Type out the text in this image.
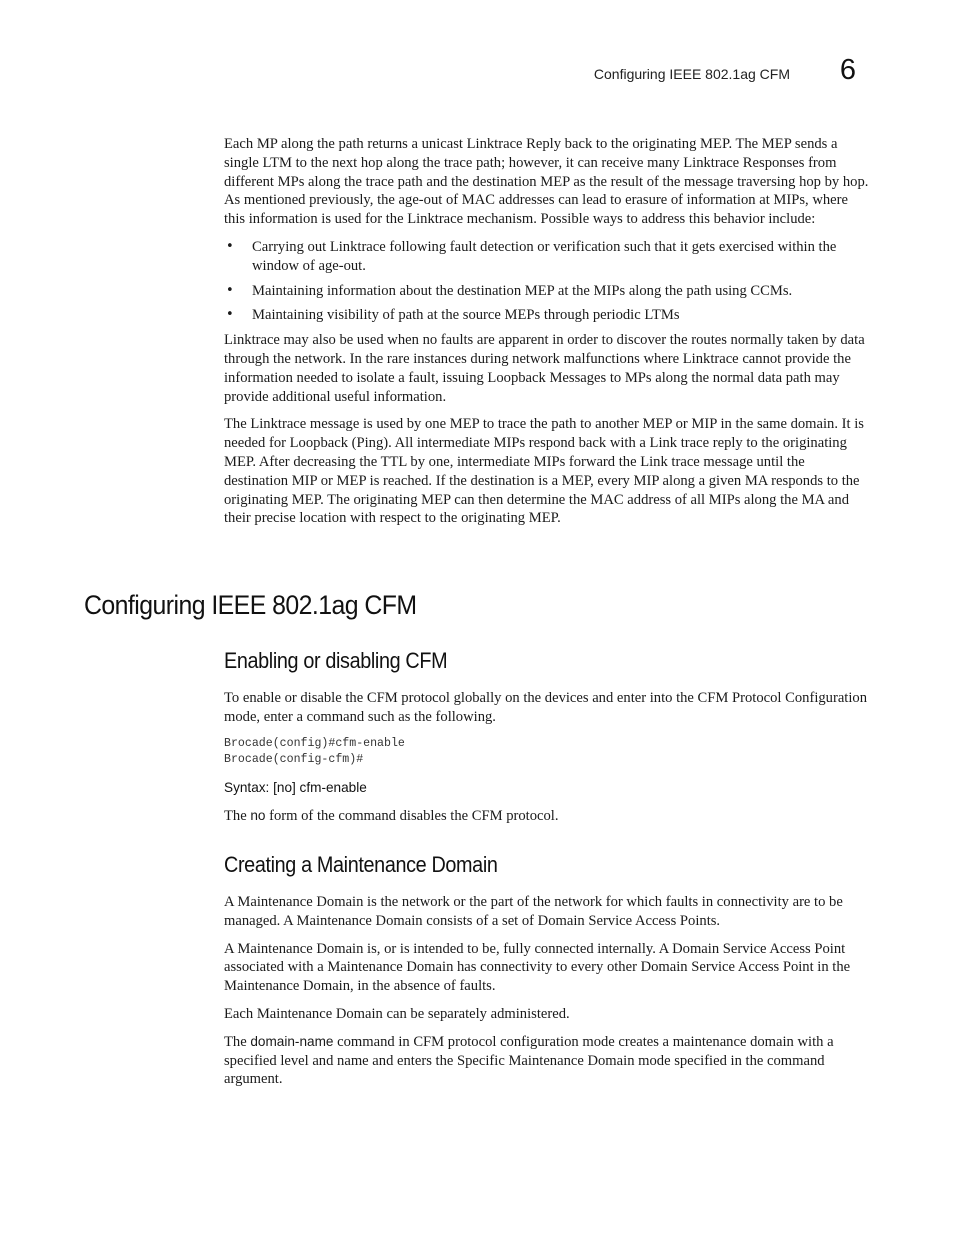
Configuring IEEE 802.1ag CFM 6

Each MP along the path returns a unicast Linktrace Reply back to the originating MEP. The MEP sends a single LTM to the next hop along the trace path; however, it can receive many Linktrace Responses from different MPs along the trace path and the destination MEP as the result of the message traversing hop by hop. As mentioned previously, the age-out of MAC addresses can lead to erasure of information at MIPs, where this information is used for the Linktrace mechanism. Possible ways to address this behavior include:

• Carrying out Linktrace following fault detection or verification such that it gets exercised within the window of age-out.
• Maintaining information about the destination MEP at the MIPs along the path using CCMs.
• Maintaining visibility of path at the source MEPs through periodic LTMs

Linktrace may also be used when no faults are apparent in order to discover the routes normally taken by data through the network. In the rare instances during network malfunctions where Linktrace cannot provide the information needed to isolate a fault, issuing Loopback Messages to MPs along the normal data path may provide additional useful information.

The Linktrace message is used by one MEP to trace the path to another MEP or MIP in the same domain. It is needed for Loopback (Ping). All intermediate MIPs respond back with a Link trace reply to the originating MEP. After decreasing the TTL by one, intermediate MIPs forward the Link trace message until the destination MIP or MEP is reached. If the destination is a MEP, every MIP along a given MA responds to the originating MEP. The originating MEP can then determine the MAC address of all MIPs along the MA and their precise location with respect to the originating MEP.

Configuring IEEE 802.1ag CFM
Enabling or disabling CFM

To enable or disable the CFM protocol globally on the devices and enter into the CFM Protocol Configuration mode, enter a command such as the following.

Brocade(config)#cfm-enable
Brocade(config-cfm)#
Syntax: [no] cfm-enable

The no form of the command disables the CFM protocol.

Creating a Maintenance Domain

A Maintenance Domain is the network or the part of the network for which faults in connectivity are to be managed. A Maintenance Domain consists of a set of Domain Service Access Points.

A Maintenance Domain is, or is intended to be, fully connected internally. A Domain Service Access Point associated with a Maintenance Domain has connectivity to every other Domain Service Access Point in the Maintenance Domain, in the absence of faults.

Each Maintenance Domain can be separately administered.

The domain-name command in CFM protocol configuration mode creates a maintenance domain with a specified level and name and enters the Specific Maintenance Domain mode specified in the command argument.
